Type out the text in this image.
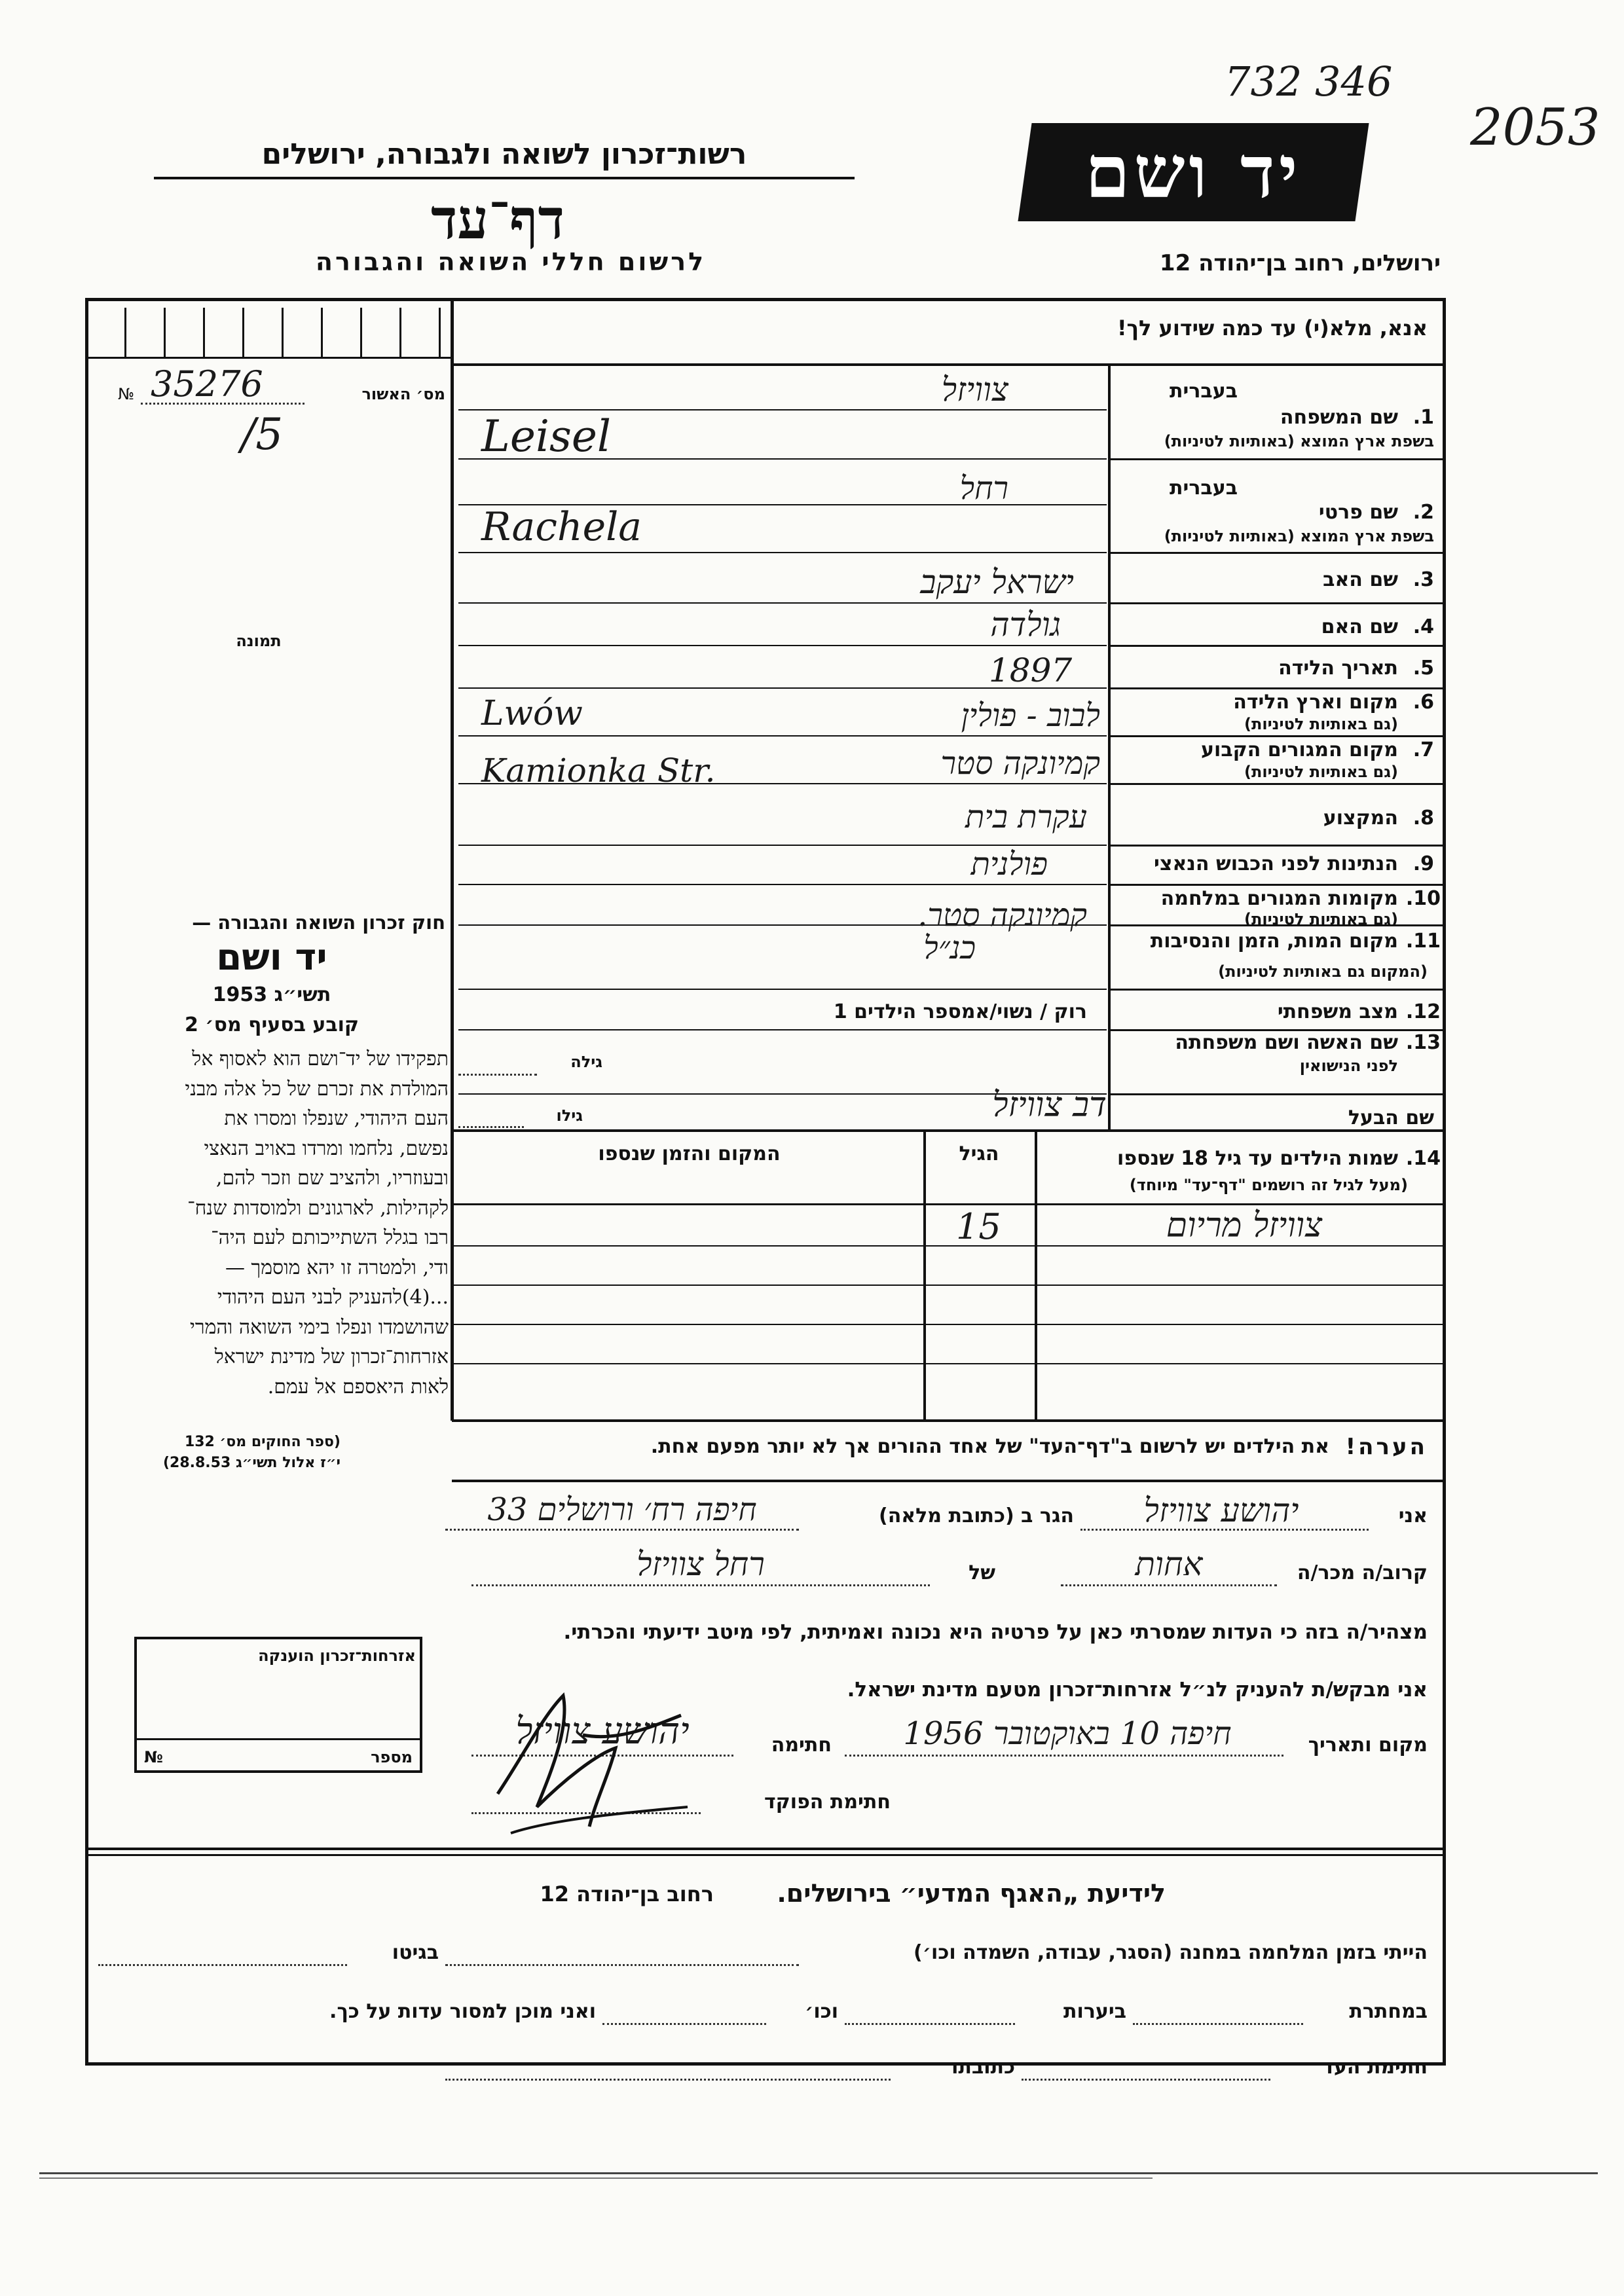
732 346
2053
רשות־זכרון לשואה ולגבורה, ירושלים
דף־עד
לרשום חללי השואה והגבורה
יד ושם
ירושלים, רחוב בן־יהודה 12
אנא, מלא(י) עד כמה שידוע לך!
מס׳ האשור
№ 35276
/5
תמונה
חוק זכרון השואה והגבורה —
יד ושם
תשי״ג 1953
קובע בסעיף מס׳ 2
תפקידו של יד־ושם הוא לאסוף אל
המולדת את זכרם של כל אלה מבני
העם היהודי, שנפלו ומסרו את
נפשם, נלחמו ומרדו באויב הנאצי
ובעוזריו, ולהציב שם וזכר להם,
לקהילות, לארגונים ולמוסדות שנח־
רבו בגלל השתייכותם לעם היה־
ודי, ולמטרה זו יהא מוסמך —
...(4)להעניק לבני העם היהודי
שהושמדו ונפלו בימי השואה והמרי
אזרחות־זכרון של מדינת ישראל
לאות היאספם אל עמם.
(ספר החוקים מס׳ 132
י״ז אלול תשי״ג 28.8.53)
בעברית
1.
שם המשפחה
בשפת ארץ המוצא (באותיות לטיניות)
צוויזל
Leisel
בעברית
2.
שם פרטי
בשפת ארץ המוצא (באותיות לטיניות)
רחל
Rachela
3.
שם האב
ישראל יעקב
4.
שם האם
גולדה
5.
תאריך הלידה
1897
6.
מקום וארץ הלידה
(גם באותיות לטיניות)
לבוב - פולין
Lwów
7.
מקום המגורים הקבוע
(גם באותיות לטיניות)
קמיונקה סטר
Kamionka Str.
8.
המקצוע
עקרת בית
9.
הנתינות לפני הכבוש הנאצי
פולנית
10.
מקומות המגורים במלחמה
(גם באותיות לטיניות)
קמיונקה סטר.
11.
מקום המות, הזמן והנסיבות
(המקום גם באותיות לטיניות)
כנ״ל
12.
מצב משפחתי
רוק / נשוי/אמספר הילדים 1
13.
שם האשה ושם משפחתה
לפני הנישואין
גילה
שם הבעל
דב צוויזל
גילו
14.
שמות הילדים עד גיל 18 שנספו
(מעל לגיל זה רושמים "דף־עד" מיוחד)
הגיל
המקום והזמן שנספו
צוויזל מריום
15
הערה!
את הילדים יש לרשום ב"דף־העד" של אחד ההורים אך לא יותר מפעם אחת.
אני
יהושע צוויזל
הגר ב (כתובת מלאה)
חיפה רח׳ ורושלים 33
קרוב/ה מכר/ה
אחות
של
רחל צוויזל
מצהיר/ה בזה כי העדות שמסרתי כאן על פרטיה היא נכונה ואמיתית, לפי מיטב ידיעתי והכרתי.
אני מבקש/ת להעניק לנ״ל אזרחות־זכרון מטעם מדינת ישראל.
מקום ותאריך
חיפה 10 באוקטובר 1956
חתימה
יהושע צוויזל
חתימת הפוקד
אזרחות־זכרון הוענקה
מספר
№
לידיעת „האגף המדעי״ בירושלים.
רחוב בן־יהודה 12
הייתי בזמן המלחמה במחנה (הסגר, עבודה, השמדה וכו׳)
בגיטו
במחתרת
ביערות
וכו׳
ואני מוכן למסור עדות על כך.
חתימת העד
כתובתו
